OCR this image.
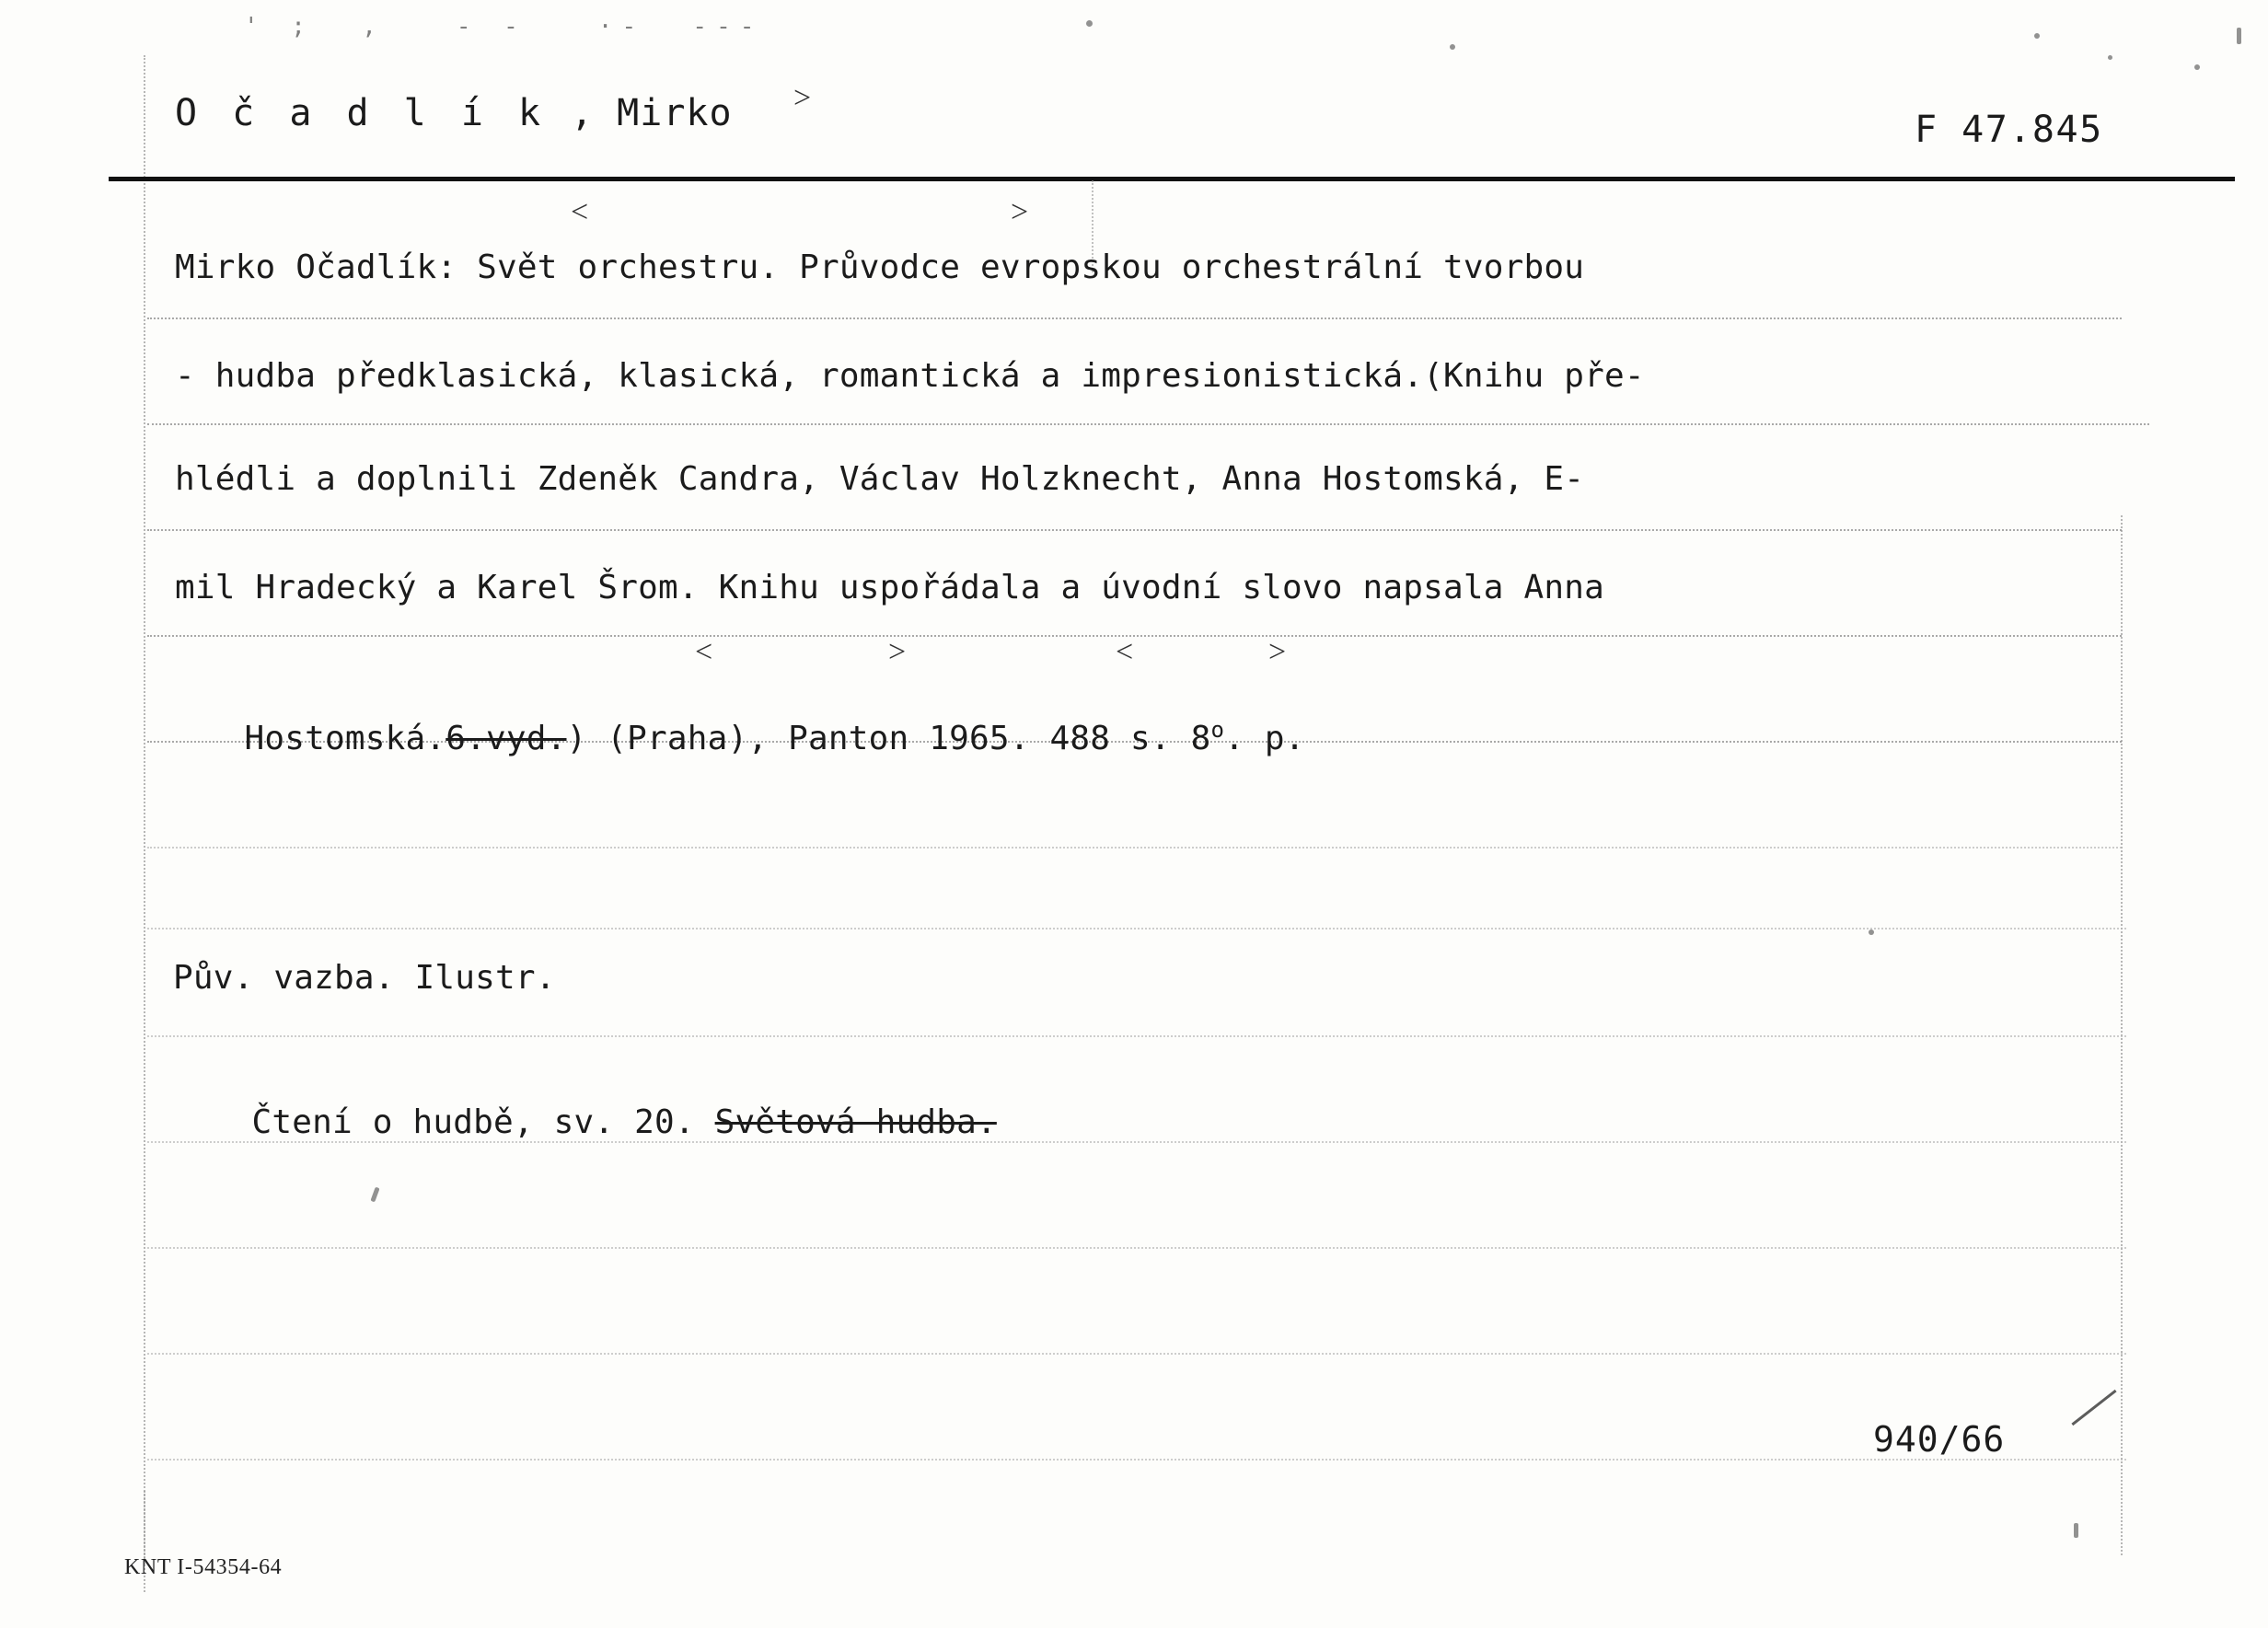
' ;  ,   - -   ·-  ---
O č a d l í k , Mirko >
F 47.845
<	>
Mirko Očadlík: Svět orchestru. Průvodce evropskou orchestrální tvorbou
- hudba předklasická, klasická, romantická a impresionistická.(Knihu pře-
hlédli a doplnili Zdeněk Candra, Václav Holzknecht, Anna Hostomská, E-
mil Hradecký a Karel Šrom. Knihu uspořádala a úvodní slovo napsala Anna
<	>	<	>

Hostomská.6.vyd.) (Praha), Panton 1965. 488 s. 8$^o$. p.

Pův. vazba. Ilustr.

Čtení o hudbě, sv. 20. Světová hudba.

940/66
KNT I-54354-64
